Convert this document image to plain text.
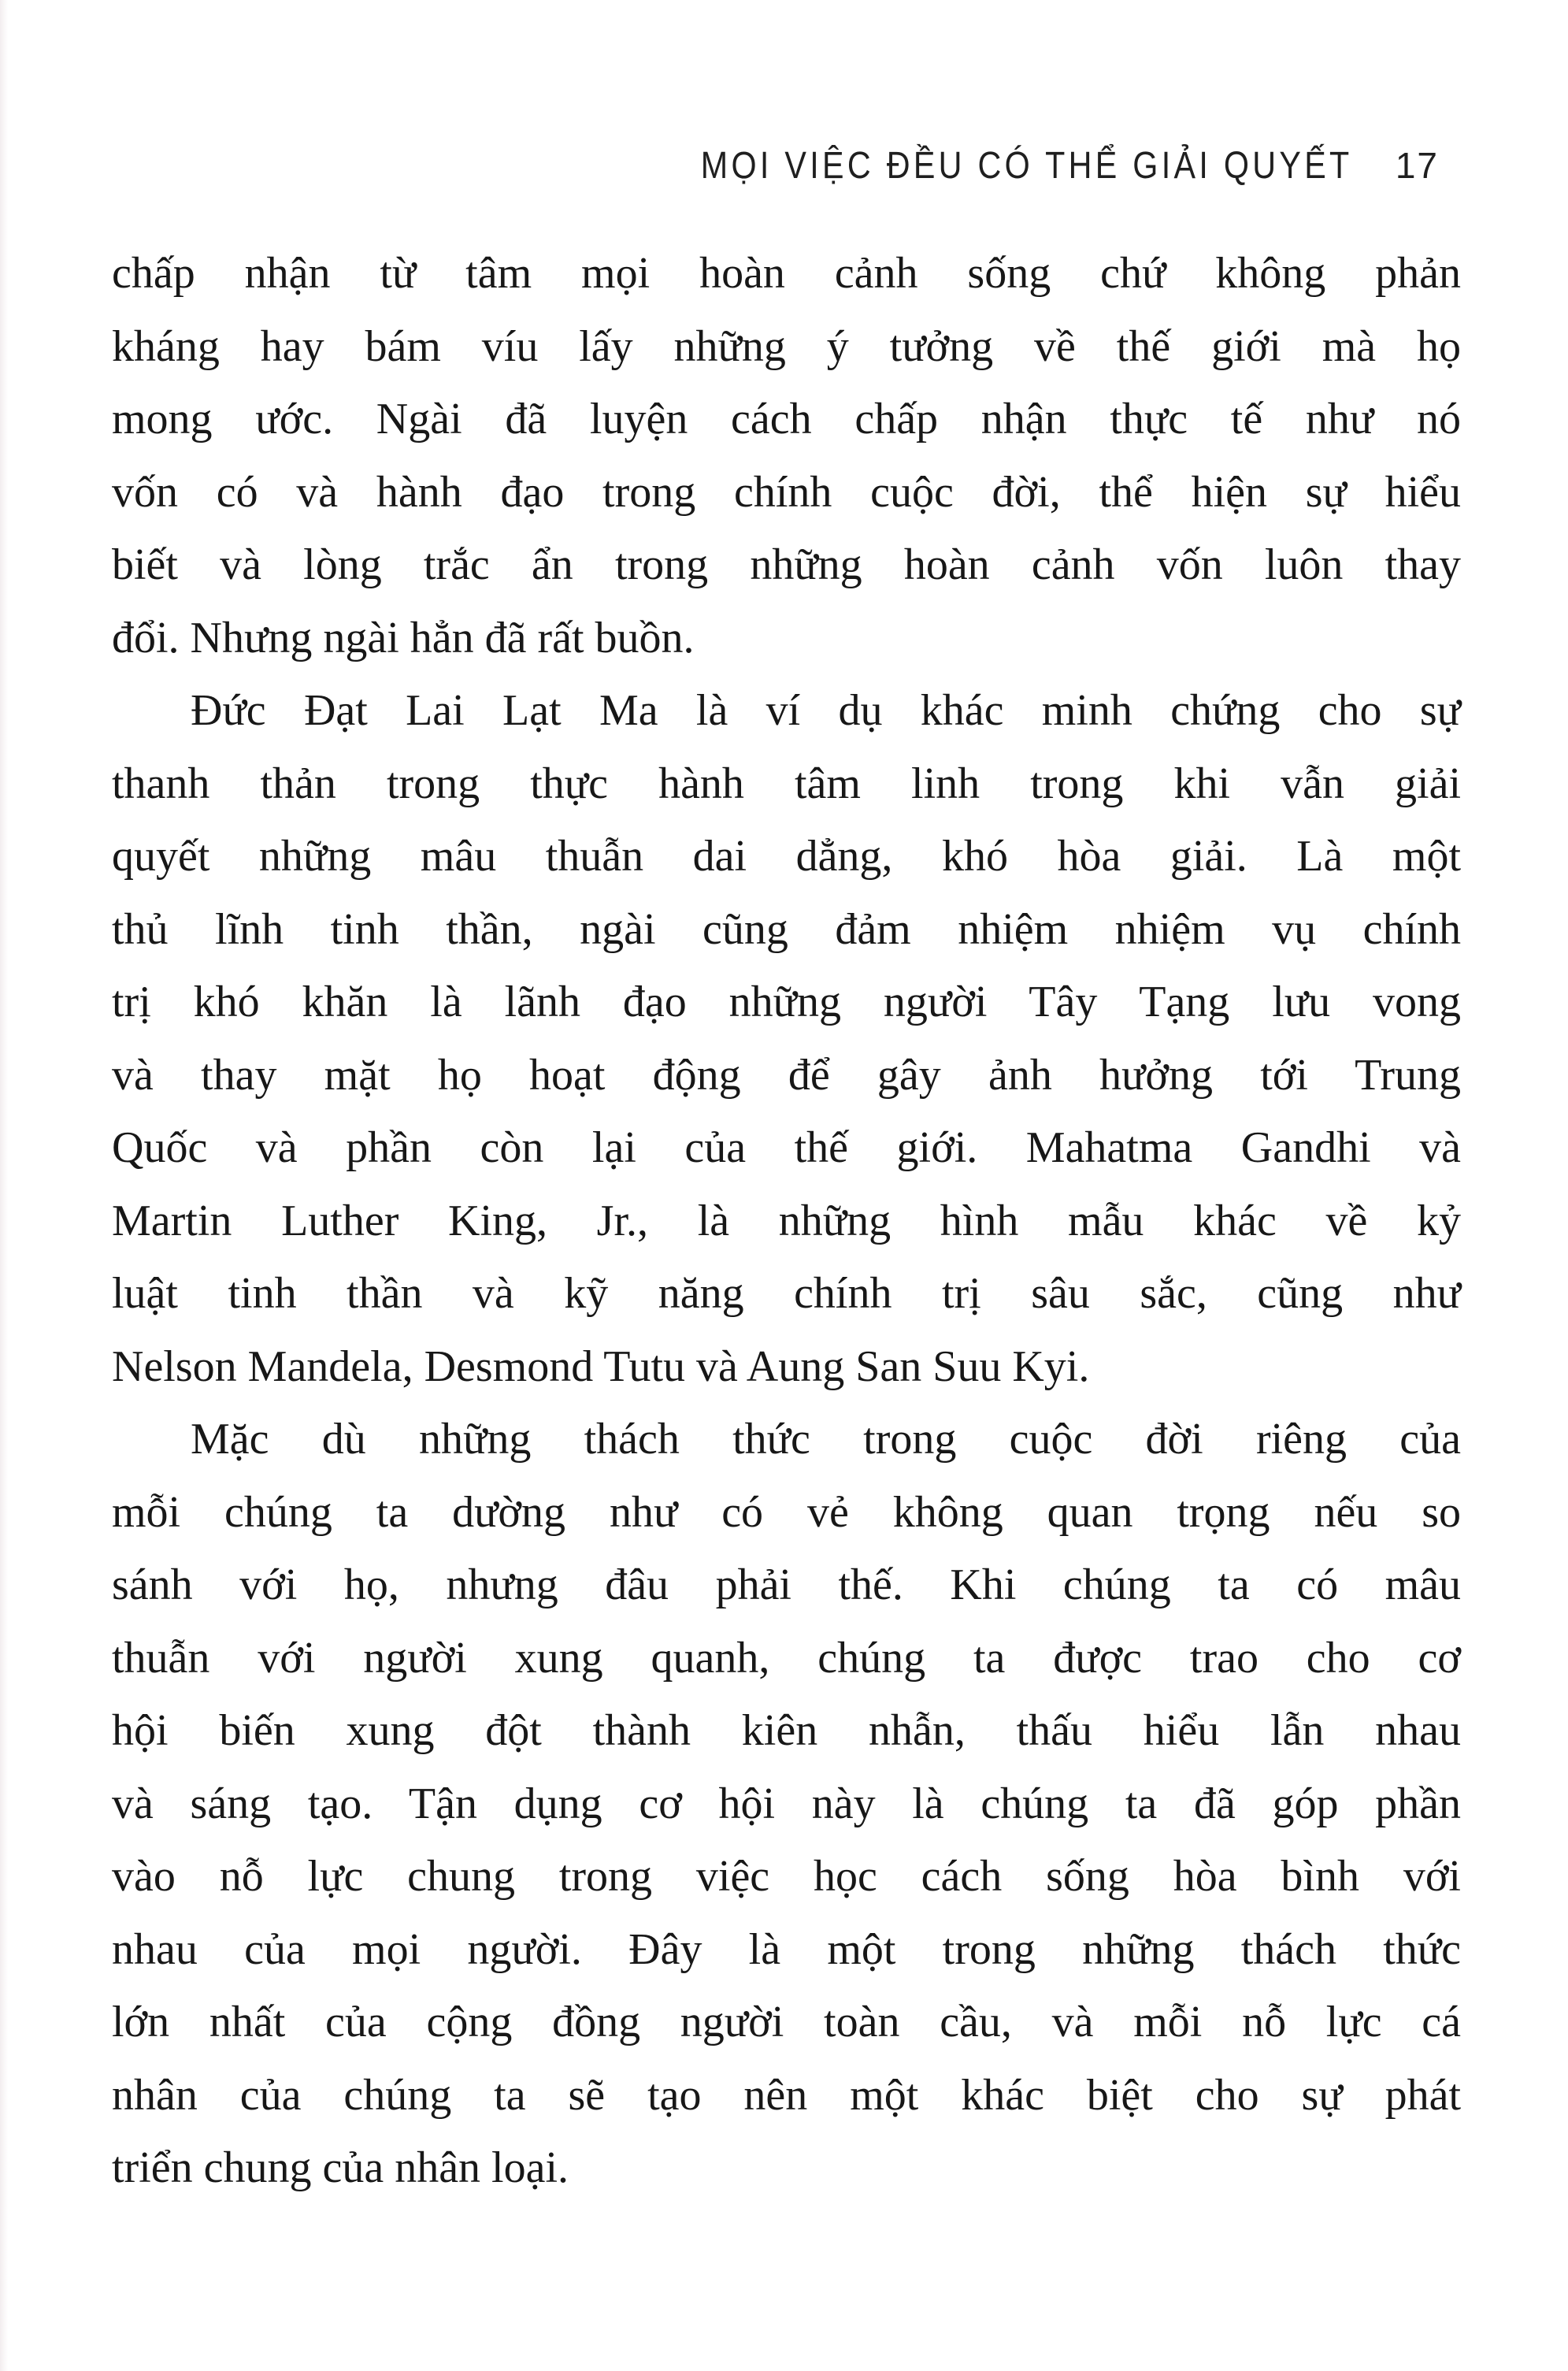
MỌI VIỆC ĐỀU CÓ THỂ GIẢI QUYẾT 17
chấp nhận từ tâm mọi hoàn cảnh sống chứ không phản
kháng hay bám víu lấy những ý tưởng về thế giới mà họ
mong ước. Ngài đã luyện cách chấp nhận thực tế như nó
vốn có và hành đạo trong chính cuộc đời, thể hiện sự hiểu
biết và lòng trắc ẩn trong những hoàn cảnh vốn luôn thay
đổi. Nhưng ngài hẳn đã rất buồn.
Đức Đạt Lai Lạt Ma là ví dụ khác minh chứng cho sự
thanh thản trong thực hành tâm linh trong khi vẫn giải
quyết những mâu thuẫn dai dẳng, khó hòa giải. Là một
thủ lĩnh tinh thần, ngài cũng đảm nhiệm nhiệm vụ chính
trị khó khăn là lãnh đạo những người Tây Tạng lưu vong
và thay mặt họ hoạt động để gây ảnh hưởng tới Trung
Quốc và phần còn lại của thế giới. Mahatma Gandhi và
Martin Luther King, Jr., là những hình mẫu khác về kỷ
luật tinh thần và kỹ năng chính trị sâu sắc, cũng như
Nelson Mandela, Desmond Tutu và Aung San Suu Kyi.
Mặc dù những thách thức trong cuộc đời riêng của
mỗi chúng ta dường như có vẻ không quan trọng nếu so
sánh với họ, nhưng đâu phải thế. Khi chúng ta có mâu
thuẫn với người xung quanh, chúng ta được trao cho cơ
hội biến xung đột thành kiên nhẫn, thấu hiểu lẫn nhau
và sáng tạo. Tận dụng cơ hội này là chúng ta đã góp phần
vào nỗ lực chung trong việc học cách sống hòa bình với
nhau của mọi người. Đây là một trong những thách thức
lớn nhất của cộng đồng người toàn cầu, và mỗi nỗ lực cá
nhân của chúng ta sẽ tạo nên một khác biệt cho sự phát
triển chung của nhân loại.
